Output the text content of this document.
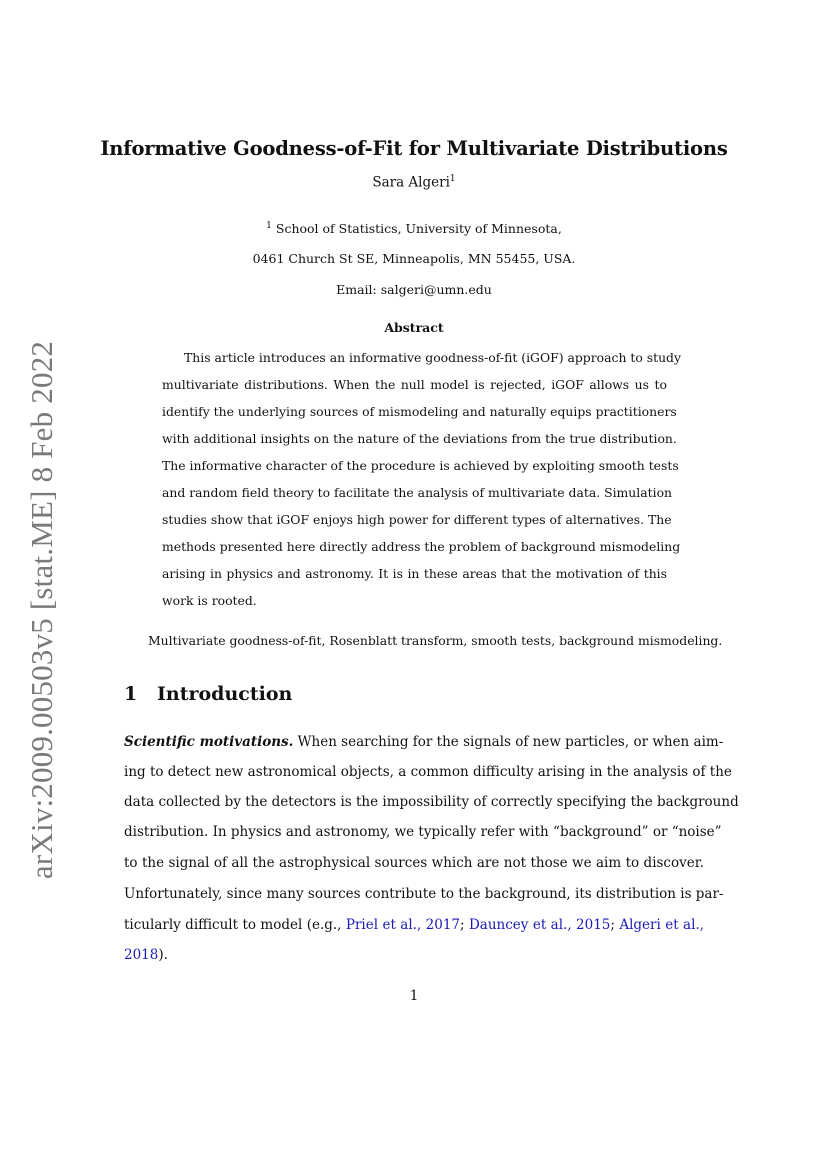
arXiv:2009.00503v5 [stat.ME] 8 Feb 2022
Informative Goodness-of-Fit for Multivariate Distributions
Sara Algeri$^1$
$^1$ School of Statistics, University of Minnesota,
0461 Church St SE, Minneapolis, MN 55455, USA.
Email: salgeri@umn.edu
Abstract
This article introduces an informative goodness-of-fit (iGOF) approach to study
multivariate distributions. When the null model is rejected, iGOF allows us to
identify the underlying sources of mismodeling and naturally equips practitioners
with additional insights on the nature of the deviations from the true distribution.
The informative character of the procedure is achieved by exploiting smooth tests
and random field theory to facilitate the analysis of multivariate data. Simulation
studies show that iGOF enjoys high power for different types of alternatives. The
methods presented here directly address the problem of background mismodeling
arising in physics and astronomy. It is in these areas that the motivation of this
work is rooted.
Multivariate goodness-of-fit, Rosenblatt transform, smooth tests, background mismodeling.
1 Introduction
Scientific motivations. When searching for the signals of new particles, or when aim-
ing to detect new astronomical objects, a common difficulty arising in the analysis of the
data collected by the detectors is the impossibility of correctly specifying the background
distribution. In physics and astronomy, we typically refer with “background” or “noise”
to the signal of all the astrophysical sources which are not those we aim to discover.
Unfortunately, since many sources contribute to the background, its distribution is par-
ticularly difficult to model (e.g., Priel et al., 2017; Dauncey et al., 2015; Algeri et al.,
2018).
1
